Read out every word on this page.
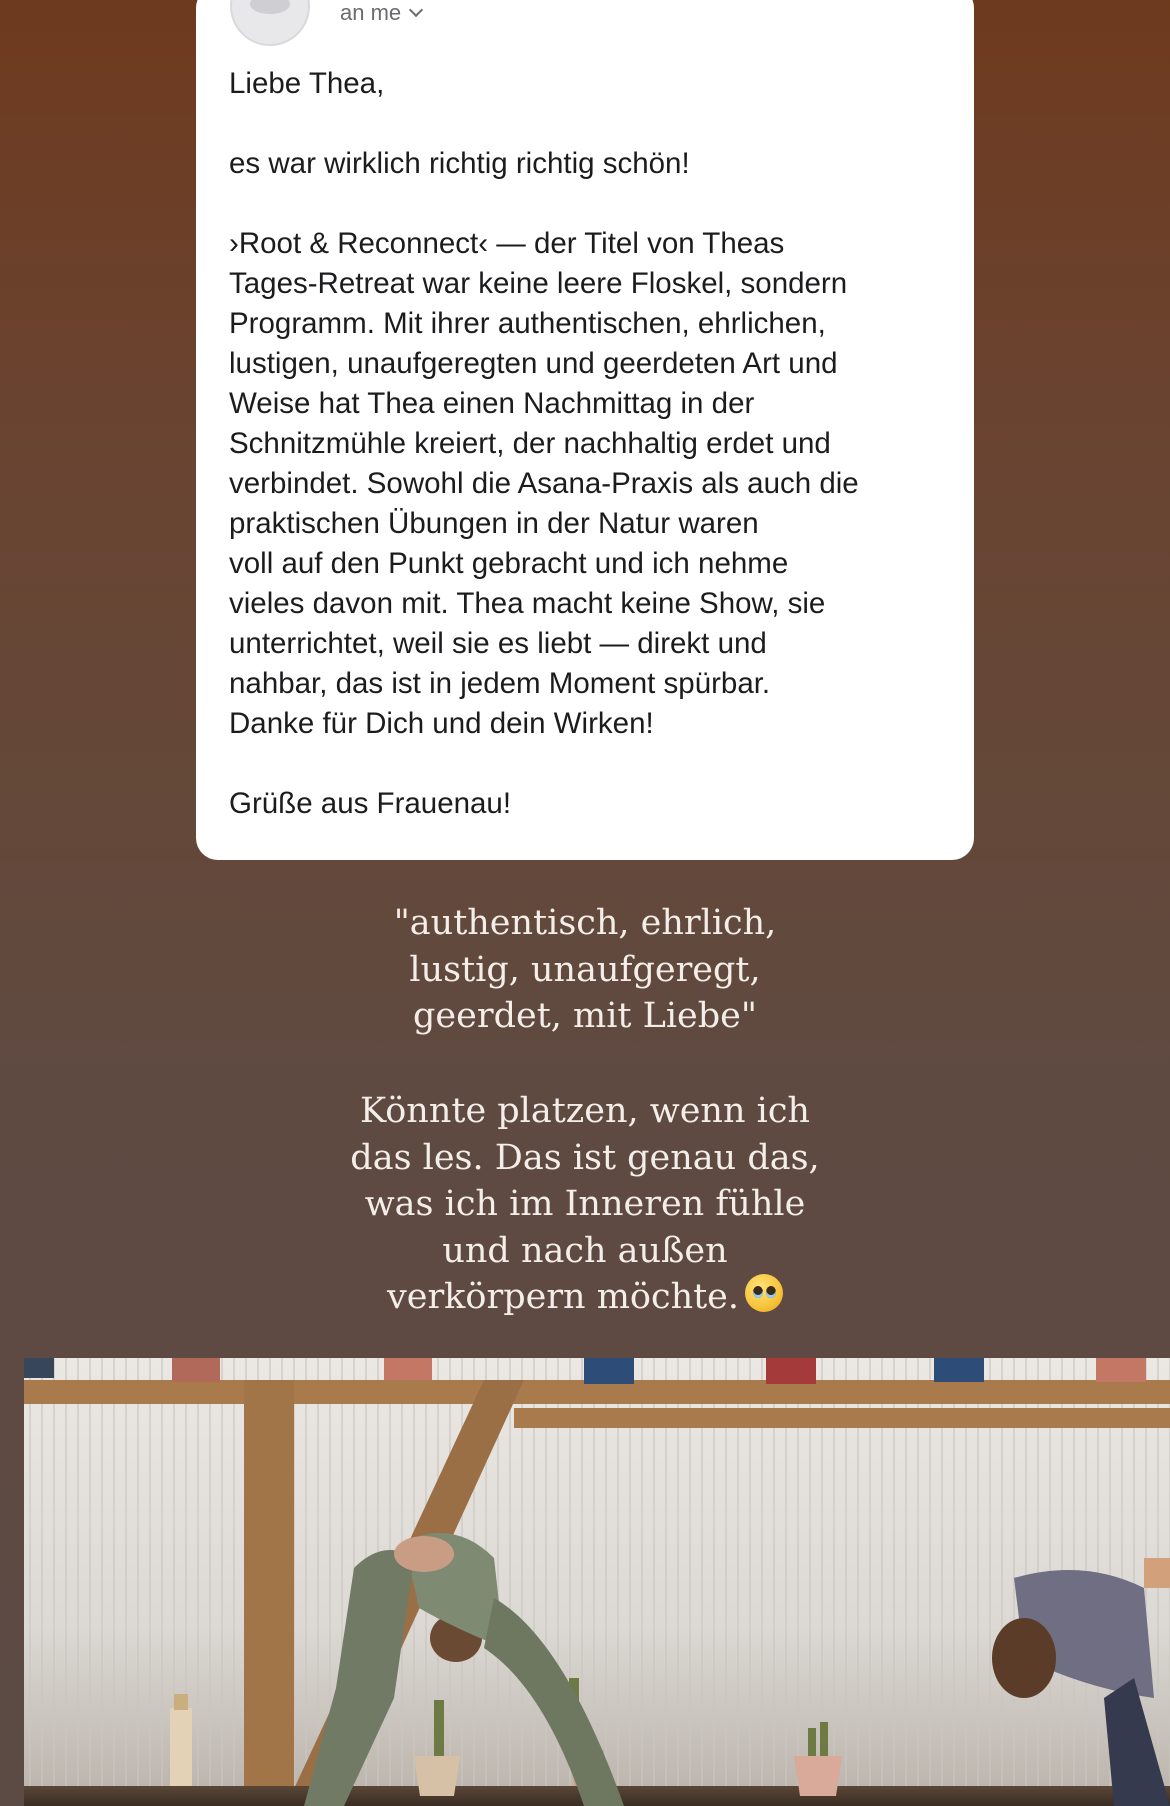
an me

Liebe Thea,

es war wirklich richtig richtig schön!

›Root & Reconnect‹ — der Titel von Theas

Tages-Retreat war keine leere Floskel, sondern

Programm. Mit ihrer authentischen, ehrlichen,

lustigen, unaufgeregten und geerdeten Art und

Weise hat Thea einen Nachmittag in der

Schnitzmühle kreiert, der nachhaltig erdet und

verbindet. Sowohl die Asana-Praxis als auch die

praktischen Übungen in der Natur waren

voll auf den Punkt gebracht und ich nehme

vieles davon mit. Thea macht keine Show, sie

unterrichtet, weil sie es liebt — direkt und

nahbar, das ist in jedem Moment spürbar.

Danke für Dich und dein Wirken!

Grüße aus Frauenau!

"authentisch, ehrlich,
lustig, unaufgeregt,
geerdet, mit Liebe"
Könnte platzen, wenn ich
das les. Das ist genau das,
was ich im Inneren fühle
und nach außen
verkörpern möchte.
